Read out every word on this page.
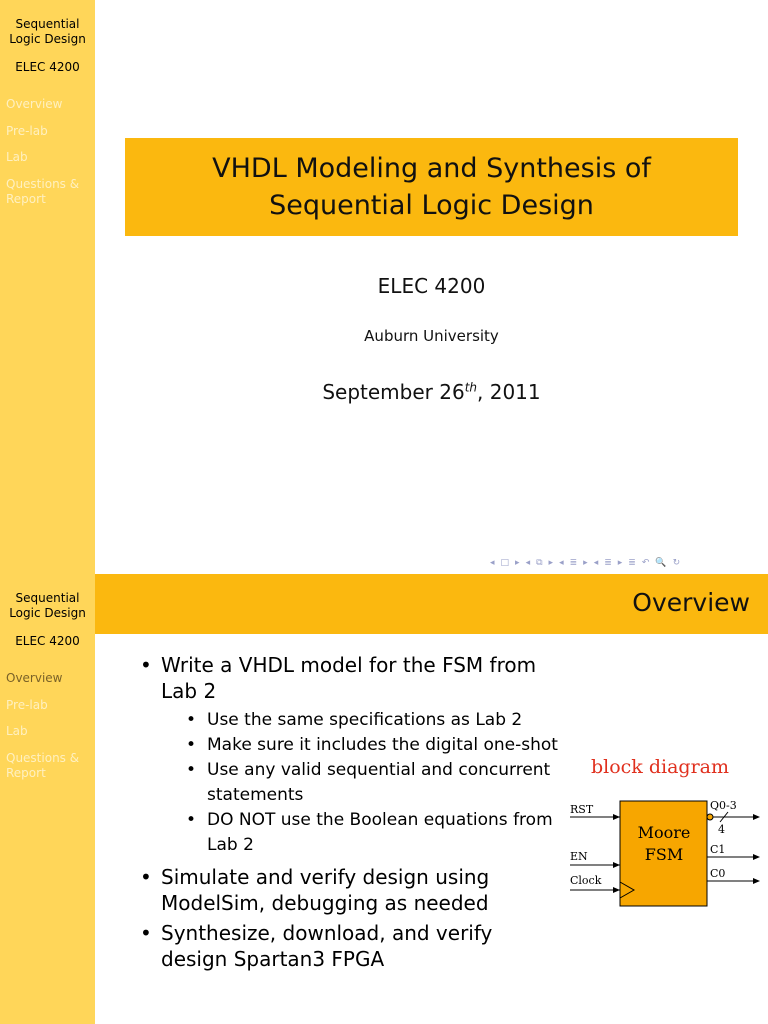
Sequential Logic Design
ELEC 4200
Overview
Pre-lab
Lab
Questions & Report
VHDL Modeling and Synthesis of Sequential Logic Design
ELEC 4200
Auburn University
September 26th, 2011
◂ □ ▸ ◂ ⧉ ▸ ◂ ≣ ▸ ◂ ≣ ▸ ≣ ↶ 🔍 ↻
Sequential Logic Design
ELEC 4200
Overview
Pre-lab
Lab
Questions & Report
Overview
• Write a VHDL model for the FSM from Lab 2
• Use the same specifications as Lab 2
• Make sure it includes the digital one-shot
• Use any valid sequential and concurrent statements
• DO NOT use the Boolean equations from Lab 2
• Simulate and verify design using ModelSim, debugging as needed
• Synthesize, download, and verify design Spartan3 FPGA
block diagram
Moore
FSM
RST
EN
Clock
Q0-3
4
C1
C0
